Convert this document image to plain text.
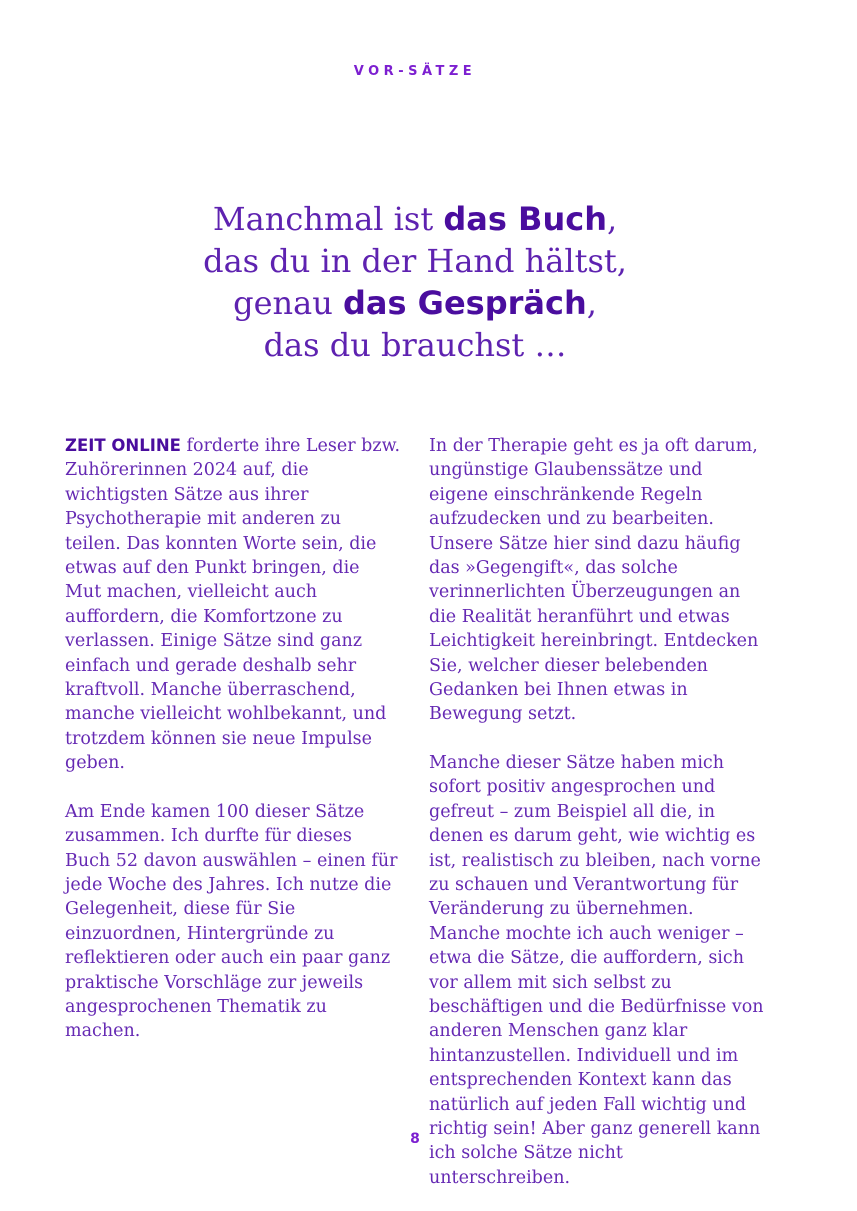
VOR-SÄTZE
Manchmal ist das Buch,
das du in der Hand hältst,
genau das Gespräch,
das du brauchst …

ZEIT ONLINE forderte ihre Leser bzw. Zuhörerinnen 2024 auf, die wichtigsten Sätze aus ihrer Psychotherapie mit anderen zu teilen. Das konnten Worte sein, die etwas auf den Punkt bringen, die Mut machen, vielleicht auch auffordern, die Komfortzone zu verlassen. Einige Sätze sind ganz einfach und gerade deshalb sehr kraftvoll. Manche überraschend, manche vielleicht wohlbekannt, und trotzdem können sie neue Impulse geben.

Am Ende kamen 100 dieser Sätze zusammen. Ich durfte für dieses Buch 52 davon auswählen – einen für jede Woche des Jahres. Ich nutze die Gelegenheit, diese für Sie einzuordnen, Hintergründe zu reflektieren oder auch ein paar ganz praktische Vorschläge zur jeweils angesprochenen Thematik zu machen.

In der Therapie geht es ja oft darum, ungünstige Glaubenssätze und eigene einschränkende Regeln aufzudecken und zu bearbeiten. Unsere Sätze hier sind dazu häufig das »Gegengift«, das solche verinnerlichten Überzeugungen an die Realität heranführt und etwas Leichtigkeit hereinbringt. Entdecken Sie, welcher dieser belebenden Gedanken bei Ihnen etwas in Bewegung setzt.

Manche dieser Sätze haben mich sofort positiv angesprochen und gefreut – zum Beispiel all die, in denen es darum geht, wie wichtig es ist, realistisch zu bleiben, nach vorne zu schauen und Verantwortung für Veränderung zu übernehmen. Manche mochte ich auch weniger – etwa die Sätze, die auffordern, sich vor allem mit sich selbst zu beschäftigen und die Bedürfnisse von anderen Menschen ganz klar hintanzustellen. Individuell und im entsprechenden Kontext kann das natürlich auf jeden Fall wichtig und richtig sein! Aber ganz generell kann ich solche Sätze nicht unterschreiben.

8
